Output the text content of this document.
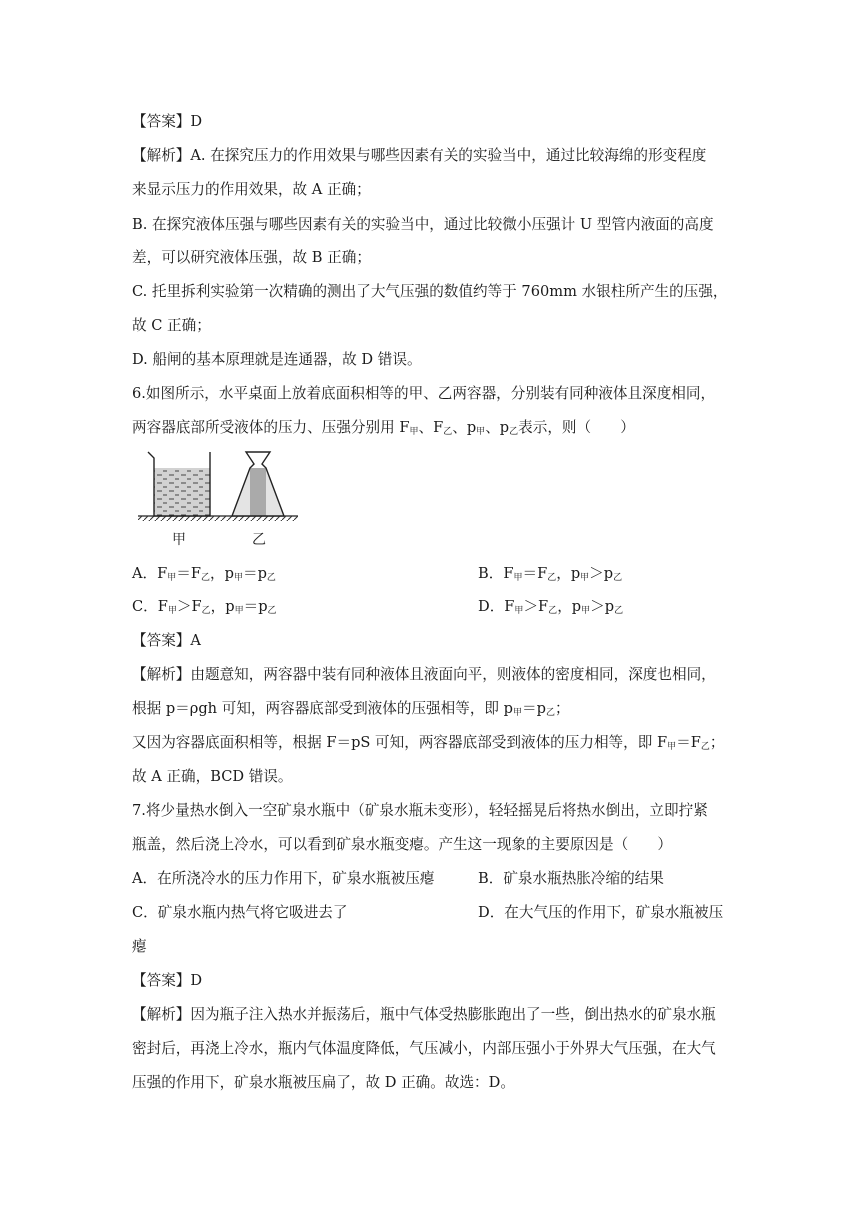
【答案】D
【解析】A. 在探究压力的作用效果与哪些因素有关的实验当中，通过比较海绵的形变程度
来显示压力的作用效果，故 A 正确；
B. 在探究液体压强与哪些因素有关的实验当中，通过比较微小压强计 U 型管内液面的高度
差，可以研究液体压强，故 B 正确；
C. 托里拆利实验第一次精确的测出了大气压强的数值约等于 760mm 水银柱所产生的压强，
故 C 正确；
D. 船闸的基本原理就是连通器，故 D 错误。
6.如图所示，水平桌面上放着底面积相等的甲、乙两容器，分别装有同种液体且深度相同，
两容器底部所受液体的压力、压强分别用 $F_甲$、$F_乙$、$p_甲$、$p_乙$表示，则（　　）
甲	乙
A．$F_甲=F_乙$，$p_甲=p_乙$	B．$F_甲=F_乙$，$p_甲>p_乙$
C．$F_甲>F_乙$，$p_甲=p_乙$	D．$F_甲>F_乙$，$p_甲>p_乙$
【答案】A
【解析】由题意知，两容器中装有同种液体且液面向平，则液体的密度相同，深度也相同，
根据 p＝ρgh 可知，两容器底部受到液体的压强相等，即 $p_甲=p_乙$；
又因为容器底面积相等，根据 F＝pS 可知，两容器底部受到液体的压力相等，即 $F_甲=F_乙$；
故 A 正确，BCD 错误。
7.将少量热水倒入一空矿泉水瓶中（矿泉水瓶未变形），轻轻摇晃后将热水倒出，立即拧紧
瓶盖，然后浇上冷水，可以看到矿泉水瓶变瘪。产生这一现象的主要原因是（　　）
A．在所浇冷水的压力作用下，矿泉水瓶被压瘪	B．矿泉水瓶热胀冷缩的结果
C．矿泉水瓶内热气将它吸进去了	D．在大气压的作用下，矿泉水瓶被压
瘪
【答案】D
【解析】因为瓶子注入热水并振荡后，瓶中气体受热膨胀跑出了一些，倒出热水的矿泉水瓶
密封后，再浇上冷水，瓶内气体温度降低，气压减小，内部压强小于外界大气压强，在大气
压强的作用下，矿泉水瓶被压扁了，故 D 正确。故选：D。
